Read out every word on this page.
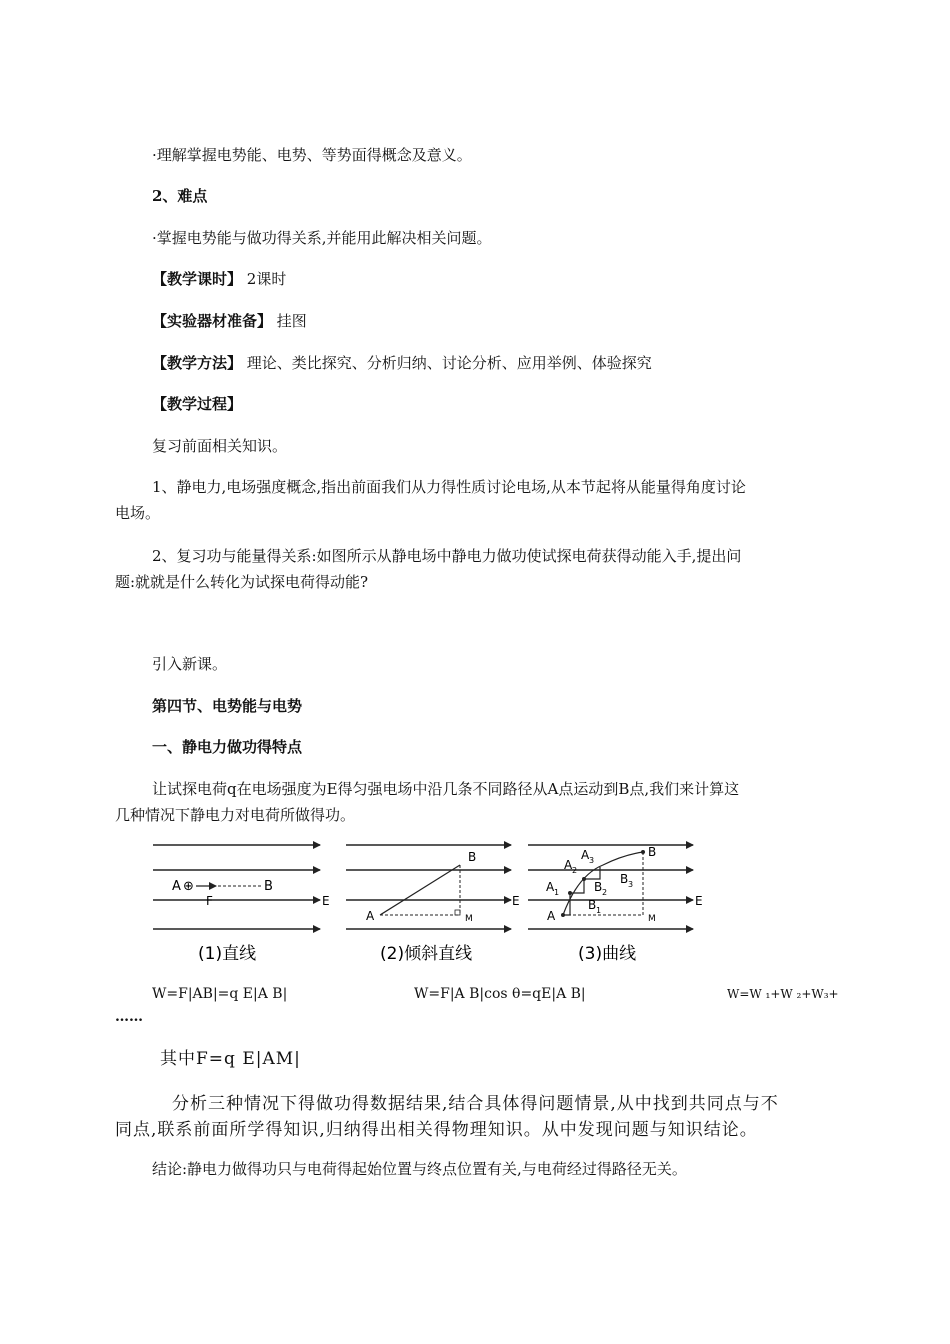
·理解掌握电势能、电势、等势面得概念及意义。
2、难点
·掌握电势能与做功得关系,并能用此解决相关问题。
【教学课时】 2课时
【实验器材准备】 挂图
【教学方法】 理论、类比探究、分析归纳、讨论分析、应用举例、体验探究
【教学过程】
复习前面相关知识。
1、静电力,电场强度概念,指出前面我们从力得性质讨论电场,从本节起将从能量得角度讨论
电场。
2、复习功与能量得关系:如图所示从静电场中静电力做功使试探电荷获得动能入手,提出问
题:就就是什么转化为试探电荷得动能?
引入新课。
第四节、电势能与电势
一、静电力做功得特点
让试探电荷q在电场强度为E得匀强电场中沿几条不同路径从A点运动到B点,我们来计算这
几种情况下静电力对电荷所做得功。
A ⊕	B
F
(1)直线
A
B
M
E
(2)倾斜直线
E
A
A 1
A 2
A 3
B
B 2
B 3
B 1
M
E
(3)曲线
W=F|AB|=q E|A B|	W=F|A B|cos θ=qE|A B|	W=W ₁+W ₂+W₃+
……
其中F=q E|AM|
分析三种情况下得做功得数据结果,结合具体得问题情景,从中找到共同点与不
同点,联系前面所学得知识,归纳得出相关得物理知识。从中发现问题与知识结论。
结论:静电力做得功只与电荷得起始位置与终点位置有关,与电荷经过得路径无关。
